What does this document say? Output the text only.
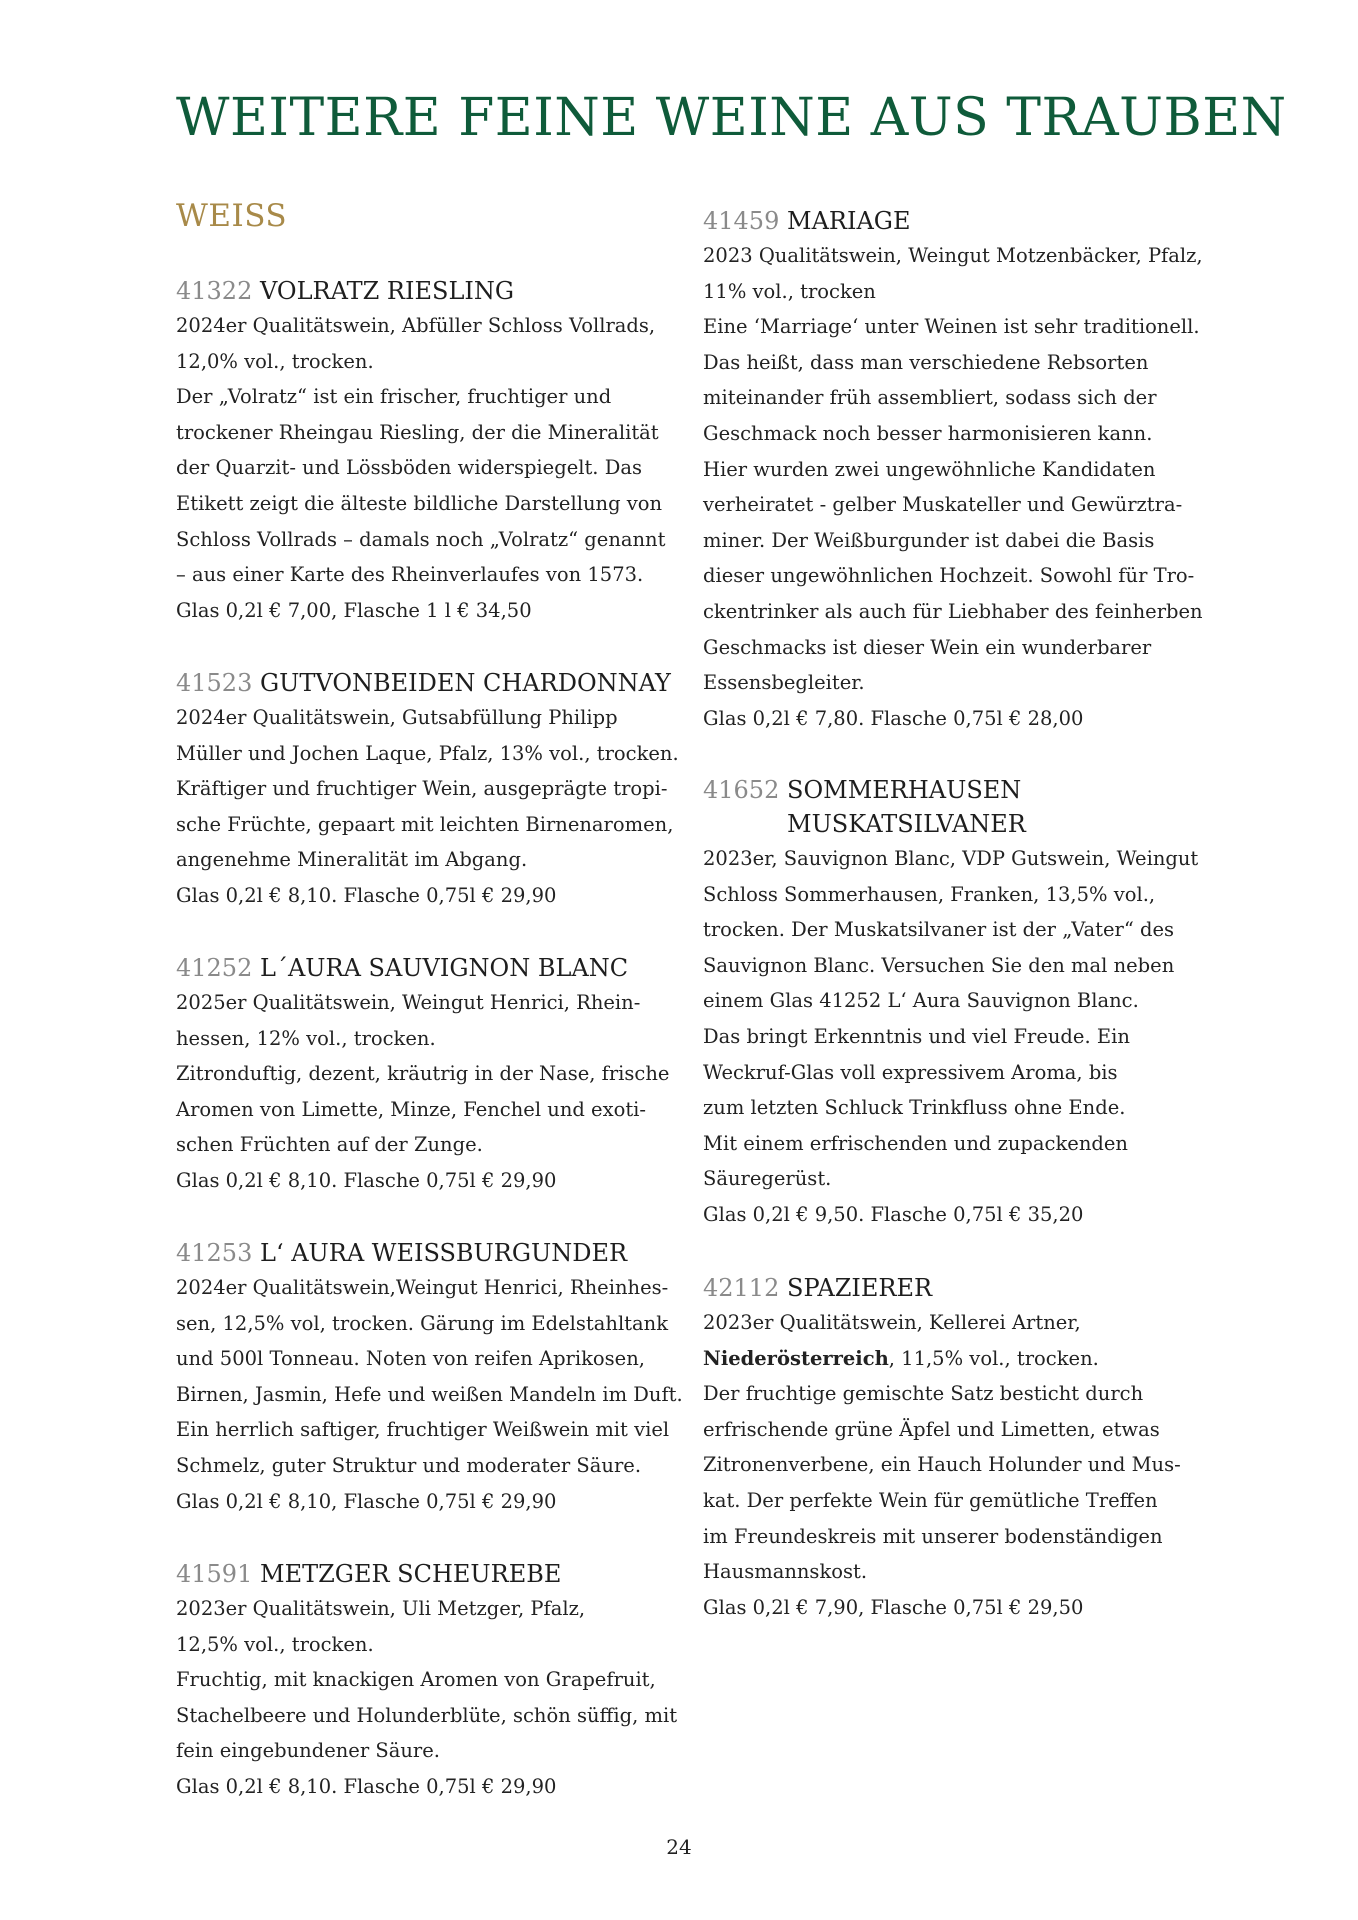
WEITERE FEINE WEINE AUS TRAUBEN
WEISS
41322 VOLRATZ RIESLING
2024er Qualitätswein, Abfüller Schloss Vollrads,
12,0% vol., trocken.
Der „Volratz“ ist ein frischer, fruchtiger und
trockener Rheingau Riesling, der die Mineralität
der Quarzit- und Lössböden widerspiegelt. Das
Etikett zeigt die älteste bildliche Darstellung von
Schloss Vollrads – damals noch „Volratz“ genannt
– aus einer Karte des Rheinverlaufes von 1573.
Glas 0,2l € 7,00, Flasche 1 l € 34,50
41523 GUTVONBEIDEN CHARDONNAY
2024er Qualitätswein, Gutsabfüllung Philipp
Müller und Jochen Laque, Pfalz, 13% vol., trocken.
Kräftiger und fruchtiger Wein, ausgeprägte tropi-
sche Früchte, gepaart mit leichten Birnenaromen,
angenehme Mineralität im Abgang.
Glas 0,2l € 8,10. Flasche 0,75l € 29,90
41252 L´AURA SAUVIGNON BLANC
2025er Qualitätswein, Weingut Henrici, Rhein-
hessen, 12% vol., trocken.
Zitronduftig, dezent, kräutrig in der Nase, frische
Aromen von Limette, Minze, Fenchel und exoti-
schen Früchten auf der Zunge.
Glas 0,2l € 8,10. Flasche 0,75l € 29,90
41253 L‘ AURA WEISSBURGUNDER
2024er Qualitätswein,Weingut Henrici, Rheinhes-
sen, 12,5% vol, trocken. Gärung im Edelstahltank
und 500l Tonneau. Noten von reifen Aprikosen,
Birnen, Jasmin, Hefe und weißen Mandeln im Duft.
Ein herrlich saftiger, fruchtiger Weißwein mit viel
Schmelz, guter Struktur und moderater Säure.
Glas 0,2l € 8,10, Flasche 0,75l € 29,90
41591 METZGER SCHEUREBE
2023er Qualitätswein, Uli Metzger, Pfalz,
12,5% vol., trocken.
Fruchtig, mit knackigen Aromen von Grapefruit,
Stachelbeere und Holunderblüte, schön süffig, mit
fein eingebundener Säure.
Glas 0,2l € 8,10. Flasche 0,75l € 29,90
41459 MARIAGE
2023 Qualitätswein, Weingut Motzenbäcker, Pfalz,
11% vol., trocken
Eine ‘Marriage‘ unter Weinen ist sehr traditionell.
Das heißt, dass man verschiedene Rebsorten
miteinander früh assembliert, sodass sich der
Geschmack noch besser harmonisieren kann.
Hier wurden zwei ungewöhnliche Kandidaten
verheiratet - gelber Muskateller und Gewürztra-
miner. Der Weißburgunder ist dabei die Basis
dieser ungewöhnlichen Hochzeit. Sowohl für Tro-
ckentrinker als auch für Liebhaber des feinherben
Geschmacks ist dieser Wein ein wunderbarer
Essensbegleiter.
Glas 0,2l € 7,80. Flasche 0,75l € 28,00
41652 SOMMERHAUSEN
MUSKATSILVANER
2023er, Sauvignon Blanc, VDP Gutswein, Weingut
Schloss Sommerhausen, Franken, 13,5% vol.,
trocken. Der Muskatsilvaner ist der „Vater“ des
Sauvignon Blanc. Versuchen Sie den mal neben
einem Glas 41252 L‘ Aura Sauvignon Blanc.
Das bringt Erkenntnis und viel Freude. Ein
Weckruf-Glas voll expressivem Aroma, bis
zum letzten Schluck Trinkfluss ohne Ende.
Mit einem erfrischenden und zupackenden
Säuregerüst.
Glas 0,2l € 9,50. Flasche 0,75l € 35,20
42112 SPAZIERER
2023er Qualitätswein, Kellerei Artner,
Niederösterreich, 11,5% vol., trocken.
Der fruchtige gemischte Satz besticht durch
erfrischende grüne Äpfel und Limetten, etwas
Zitronenverbene, ein Hauch Holunder und Mus-
kat. Der perfekte Wein für gemütliche Treffen
im Freundeskreis mit unserer bodenständigen
Hausmannskost.
Glas 0,2l € 7,90, Flasche 0,75l € 29,50
24
